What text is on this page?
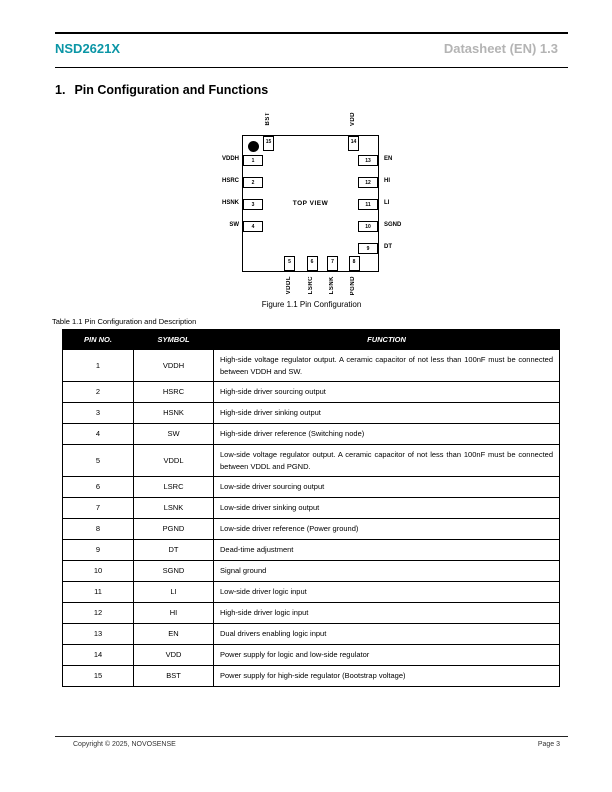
NSD2621X	Datasheet (EN) 1.3
1. Pin Configuration and Functions
1
VDDH
2
HSRC
3
HSNK
4
SW
13	EN
12	HI
11	LI
10	SGND
9	DT
15
BST
14
VDD
5
VDDL
6
LSRC
7
LSNK
8
PGND
TOP VIEW
Figure 1.1 Pin Configuration
Table 1.1 Pin Configuration and Description
PIN NO.	SYMBOL	FUNCTION
1	VDDH	High-side voltage regulator output. A ceramic capacitor of not less than 100nF must be connected between VDDH and SW.
2	HSRC	High-side driver sourcing output
3	HSNK	High-side driver sinking output
4	SW	High-side driver reference (Switching node)
5	VDDL	Low-side voltage regulator output. A ceramic capacitor of not less than 100nF must be connected between VDDL and PGND.
6	LSRC	Low-side driver sourcing output
7	LSNK	Low-side driver sinking output
8	PGND	Low-side driver reference (Power ground)
9	DT	Dead-time adjustment
10	SGND	Signal ground
11	LI	Low-side driver logic input
12	HI	High-side driver logic input
13	EN	Dual drivers enabling logic input
14	VDD	Power supply for logic and low-side regulator
15	BST	Power supply for high-side regulator (Bootstrap voltage)
Copyright © 2025, NOVOSENSE	Page 3
